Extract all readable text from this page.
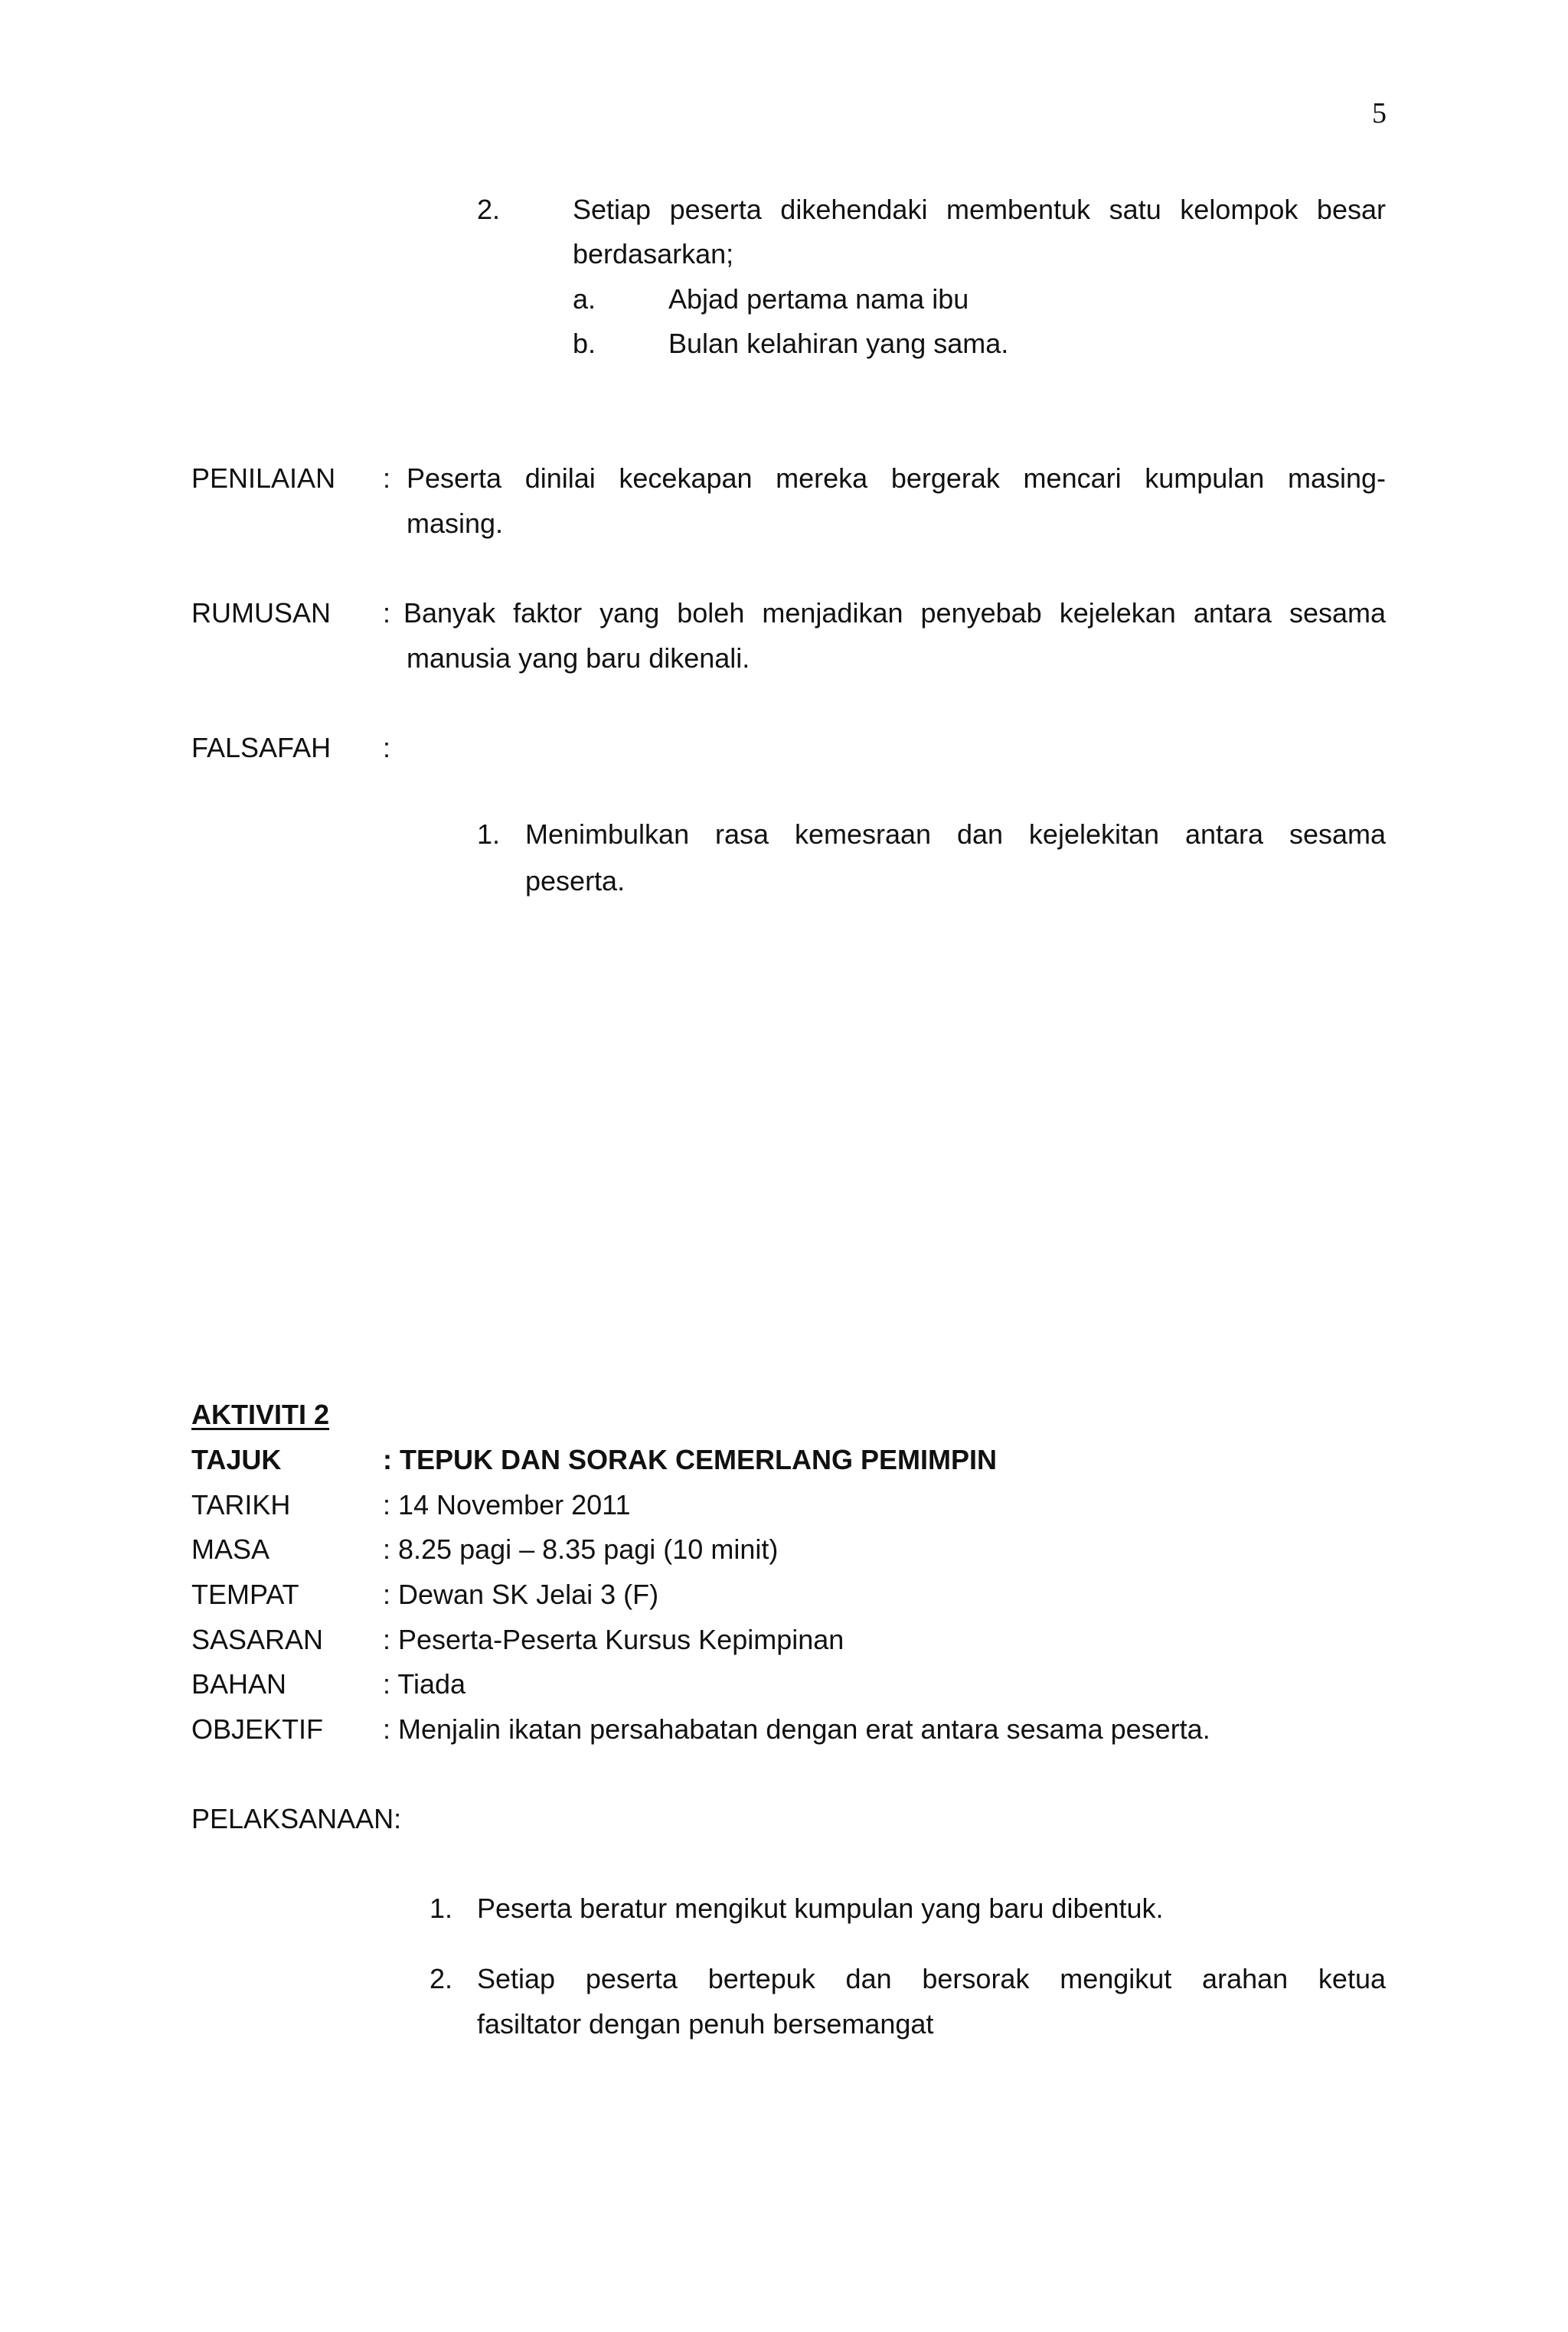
5
2.	Setiap peserta dikehendaki membentuk satu kelompok besar
berdasarkan;
a.	Abjad pertama nama ibu
b.	Bulan kelahiran yang sama.
PENILAIAN : Peserta dinilai kecekapan mereka bergerak mencari kumpulan masing-
masing.
RUMUSAN : Banyak faktor yang boleh menjadikan penyebab kejelekan antara sesama
manusia yang baru dikenali.
FALSAFAH :
1. Menimbulkan rasa kemesraan dan kejelekitan antara sesama
peserta.
AKTIVITI 2
TAJUK	: TEPUK DAN SORAK CEMERLANG PEMIMPIN
TARIKH	: 14 November 2011
MASA	: 8.25 pagi – 8.35 pagi (10 minit)
TEMPAT	: Dewan SK Jelai 3 (F)
SASARAN : Peserta-Peserta Kursus Kepimpinan
BAHAN	: Tiada
OBJEKTIF : Menjalin ikatan persahabatan dengan erat antara sesama peserta.
PELAKSANAAN:
1. Peserta beratur mengikut kumpulan yang baru dibentuk.
2. Setiap peserta bertepuk dan bersorak mengikut arahan ketua
fasiltator dengan penuh bersemangat
